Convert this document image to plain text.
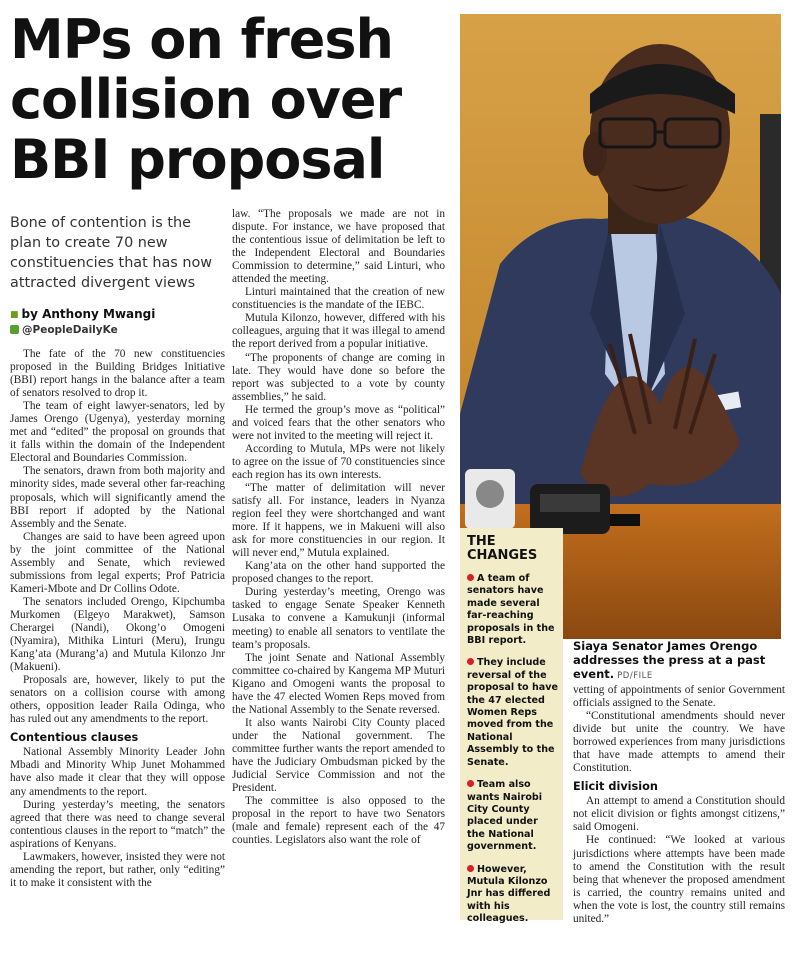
MPs on fresh
collision over
BBI proposal
Bone of contention is the
plan to create 70 new
constituencies that has now
attracted divergent views
■ by Anthony Mwangi
@PeopleDailyKe

The fate of the 70 new constituencies proposed in the Building Bridges Initiative (BBI) report hangs in the balance after a team of senators resolved to drop it.

The team of eight lawyer-senators, led by James Orengo (Ugenya), yesterday morning met and “edited” the proposal on grounds that it falls within the domain of the Independent Electoral and Boundaries Commission.

The senators, drawn from both majority and minority sides, made several other far-reaching proposals, which will significantly amend the BBI report if adopted by the National Assembly and the Senate.

Changes are said to have been agreed upon by the joint committee of the National Assembly and Senate, which reviewed submissions from legal experts; Prof Patricia Kameri-Mbote and Dr Collins Odote.

The senators included Orengo, Kipchumba Murkomen (Elgeyo Marakwet), Samson Cherargei (Nandi), Okong’o Omogeni (Nyamira), Mithika Linturi (Meru), Irungu Kang’ata (Murang’a) and Mutula Kilonzo Jnr (Makueni).

Proposals are, however, likely to put the senators on a collision course with among others, opposition leader Raila Odinga, who has ruled out any amendments to the report.

Contentious clauses

National Assembly Minority Leader John Mbadi and Minority Whip Junet Mohammed have also made it clear that they will oppose any amendments to the report.

During yesterday’s meeting, the senators agreed that there was need to change several contentious clauses in the report to “match” the aspirations of Kenyans.

Lawmakers, however, insisted they were not amending the report, but rather, only “editing” it to make it consistent with the

law. “The proposals we made are not in dispute. For instance, we have proposed that the contentious issue of delimitation be left to the Independent Electoral and Boundaries Commission to determine,” said Linturi, who attended the meeting.

Linturi maintained that the creation of new constituencies is the mandate of the IEBC.

Mutula Kilonzo, however, differed with his colleagues, arguing that it was illegal to amend the report derived from a popular initiative.

“The proponents of change are coming in late. They would have done so before the report was subjected to a vote by county assemblies,” he said.

He termed the group’s move as “political” and voiced fears that the other senators who were not invited to the meeting will reject it.

According to Mutula, MPs were not likely to agree on the issue of 70 constituencies since each region has its own interests.

“The matter of delimitation will never satisfy all. For instance, leaders in Nyanza region feel they were shortchanged and want more. If it happens, we in Makueni will also ask for more constituencies in our region. It will never end,” Mutula explained.

Kang’ata on the other hand supported the proposed changes to the report.

During yesterday’s meeting, Orengo was tasked to engage Senate Speaker Kenneth Lusaka to convene a Kamukunji (informal meeting) to enable all senators to ventilate the team’s proposals.

The joint Senate and National Assembly committee co-chaired by Kangema MP Muturi Kigano and Omogeni wants the proposal to have the 47 elected Women Reps moved from the National Assembly to the Senate reversed.

It also wants Nairobi City County placed under the National government. The committee further wants the report amended to have the Judiciary Ombudsman picked by the Judicial Service Commission and not the President.

The committee is also opposed to the proposal in the report to have two Senators (male and female) represent each of the 47 counties. Legislators also want the role of

THE
CHANGES
A team of senators have made several far-reaching proposals in the BBI report.
They include reversal of the proposal to have the 47 elected Women Reps moved from the National Assembly to the Senate.
Team also wants Nairobi City County placed under the National government.
However, Mutula Kilonzo Jnr has differed with his colleagues.
Siaya Senator James Orengo addresses the press at a past event. PD/FILE

vetting of appointments of senior Government officials assigned to the Senate.

“Constitutional amendments should never divide but unite the country. We have borrowed experiences from many jurisdictions that have made attempts to amend their Constitution.

Elicit division

An attempt to amend a Constitution should not elicit division or fights amongst citizens,” said Omogeni.

He continued: “We looked at various jurisdictions where attempts have been made to amend the Constitution with the result being that whenever the proposed amendment is carried, the country remains united and when the vote is lost, the country still remains united.”
